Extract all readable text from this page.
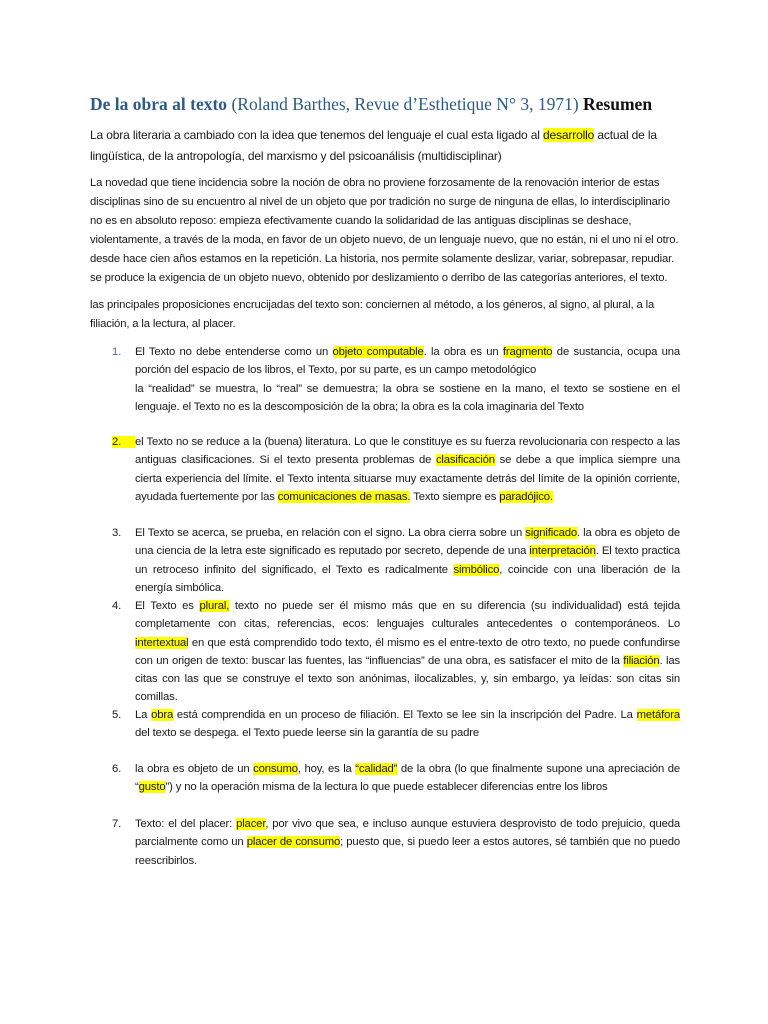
De la obra al texto (Roland Barthes, Revue d’Esthetique N° 3, 1971) Resumen
La obra literaria a cambiado con la idea que tenemos del lenguaje el cual esta ligado al desarrollo actual de la lingüística, de la antropología, del marxismo y del psicoanálisis (multidisciplinar)
La novedad que tiene incidencia sobre la noción de obra no proviene forzosamente de la renovación interior de estas disciplinas sino de su encuentro al nivel de un objeto que por tradición no surge de ninguna de ellas, lo interdisciplinario no es en absoluto reposo: empieza efectivamente cuando la solidaridad de las antiguas disciplinas se deshace, violentamente, a través de la moda, en favor de un objeto nuevo, de un lenguaje nuevo, que no están, ni el uno ni el otro. desde hace cien años estamos en la repetición. La historia, nos permite solamente deslizar, variar, sobrepasar, repudiar. se produce la exigencia de un objeto nuevo, obtenido por deslizamiento o derribo de las categorías anteriores, el texto.
las principales proposiciones encrucijadas del texto son: conciernen al método, a los géneros, al signo, al plural, a la filiación, a la lectura, al placer.
1.	El Texto no debe entenderse como un objeto computable. la obra es un fragmento de sustancia, ocupa una porción del espacio de los libros, el Texto, por su parte, es un campo metodológico
la “realidad” se muestra, lo “real” se demuestra; la obra se sostiene en la mano, el texto se sostiene en el lenguaje. el Texto no es la descomposición de la obra; la obra es la cola imaginaria del Texto
2.	el Texto no se reduce a la (buena) literatura. Lo que le constituye es su fuerza revolucionaria con respecto a las antiguas clasificaciones. Si el texto presenta problemas de clasificación se debe a que implica siempre una cierta experiencia del límite. el Texto intenta situarse muy exactamente detrás del límite de la opinión corriente, ayudada fuertemente por las comunicaciones de masas. Texto siempre es paradójico.
3.	El Texto se acerca, se prueba, en relación con el signo. La obra cierra sobre un significado. la obra es objeto de una ciencia de la letra este significado es reputado por secreto, depende de una interpretación. El texto practica un retroceso infinito del significado, el Texto es radicalmente simbólico, coincide con una liberación de la energía simbólica.
4.	El Texto es plural, texto no puede ser él mismo más que en su diferencia (su individualidad) está tejida completamente con citas, referencias, ecos: lenguajes culturales antecedentes o contemporáneos. Lo intertextual en que está comprendido todo texto, él mismo es el entre-texto de otro texto, no puede confundirse con un origen de texto: buscar las fuentes, las “influencias” de una obra, es satisfacer el mito de la filiación. las citas con las que se construye el texto son anónimas, ilocalizables, y, sin embargo, ya leídas: son citas sin comillas.
5.	La obra está comprendida en un proceso de filiación. El Texto se lee sin la inscripción del Padre. La metáfora del texto se despega. el Texto puede leerse sin la garantía de su padre
6.	la obra es objeto de un consumo, hoy, es la “calidad” de la obra (lo que finalmente supone una apreciación de “gusto”) y no la operación misma de la lectura lo que puede establecer diferencias entre los libros
7.	Texto: el del placer: placer, por vivo que sea, e incluso aunque estuviera desprovisto de todo prejuicio, queda parcialmente como un placer de consumo; puesto que, si puedo leer a estos autores, sé también que no puedo reescribirlos.
